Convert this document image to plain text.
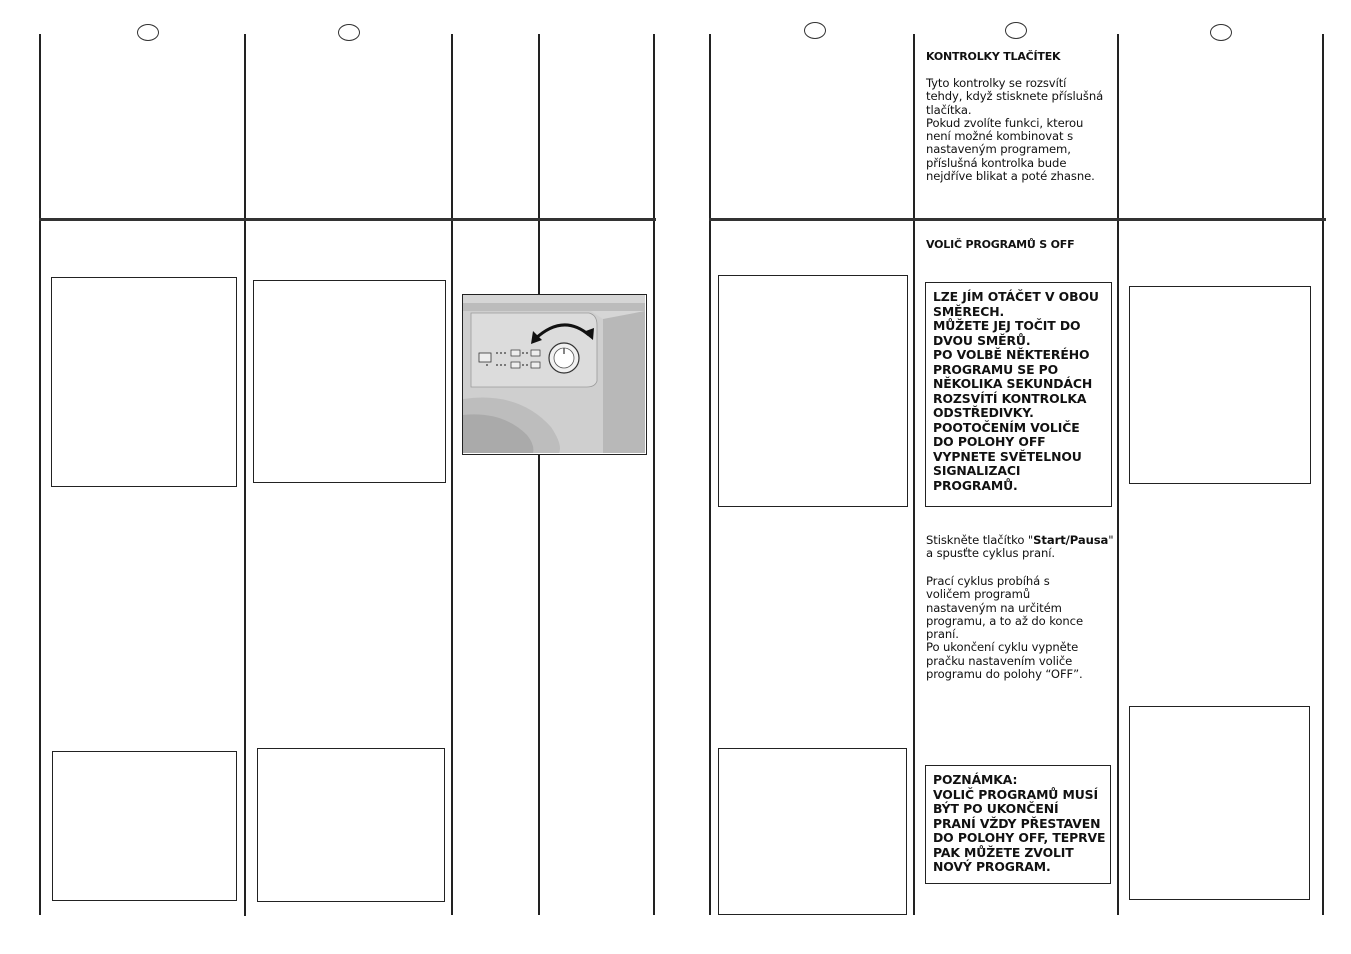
KONTROLKY TLAČÍTEK

Tyto kontrolky se rozsvítí
tehdy, když stisknete příslušná
tlačítka.
Pokud zvolíte funkci, kterou
není možné kombinovat s
nastaveným programem,
příslušná kontrolka bude
nejdříve blikat a poté zhasne.

VOLIČ PROGRAMŮ S OFF

LZE JÍM OTÁČET V OBOU
SMĚRECH.
MŮŽETE JEJ TOČIT DO
DVOU SMĚRŮ.
PO VOLBĚ NĚKTERÉHO
PROGRAMU SE PO
NĚKOLIKA SEKUNDÁCH
ROZSVÍTÍ KONTROLKA
ODSTŘEDIVKY.
POOTOČENÍM VOLIČE
DO POLOHY OFF
VYPNETE SVĚTELNOU
SIGNALIZACI
PROGRAMŮ.

Stiskněte tlačítko "Start/Pausa"
a spusťte cyklus praní.

Prací cyklus probíhá s
voličem programů
nastaveným na určitém
programu, a to až do konce
praní.
Po ukončení cyklu vypněte
pračku nastavením voliče
programu do polohy “OFF”.

POZNÁMKA:
VOLIČ PROGRAMŮ MUSÍ
BÝT PO UKONČENÍ
PRANÍ VŽDY PŘESTAVEN
DO POLOHY OFF, TEPRVE
PAK MŮŽETE ZVOLIT
NOVÝ PROGRAM.
